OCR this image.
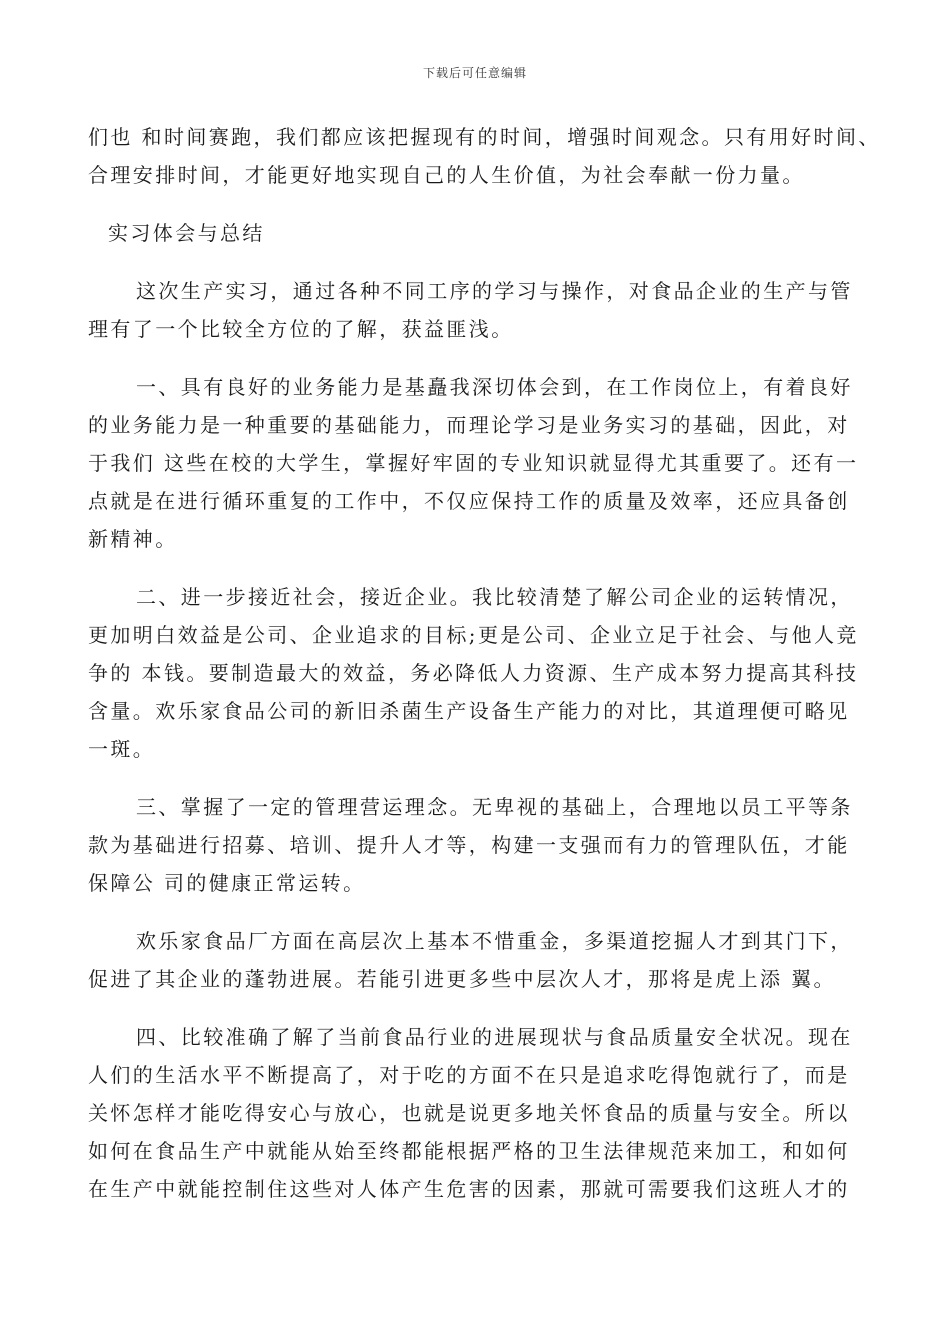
下载后可任意编辑
们也 和时间赛跑，我们都应该把握现有的时间，增强时间观念。只有用好时间、
合理安排时间，才能更好地实现自己的人生价值，为社会奉献一份力量。
实习体会与总结
这次生产实习，通过各种不同工序的学习与操作，对食品企业的生产与管
理有了一个比较全方位的了解，获益匪浅。
一、具有良好的业务能力是基矗我深切体会到，在工作岗位上，有着良好
的业务能力是一种重要的基础能力，而理论学习是业务实习的基础，因此，对
于我们 这些在校的大学生，掌握好牢固的专业知识就显得尤其重要了。还有一
点就是在进行循环重复的工作中，不仅应保持工作的质量及效率，还应具备创
新精神。
二、进一步接近社会，接近企业。我比较清楚了解公司企业的运转情况，
更加明白效益是公司、企业追求的目标;更是公司、企业立足于社会、与他人竞
争的 本钱。要制造最大的效益，务必降低人力资源、生产成本努力提高其科技
含量。欢乐家食品公司的新旧杀菌生产设备生产能力的对比，其道理便可略见
一斑。
三、掌握了一定的管理营运理念。无卑视的基础上，合理地以员工平等条
款为基础进行招募、培训、提升人才等，构建一支强而有力的管理队伍，才能
保障公 司的健康正常运转。
欢乐家食品厂方面在高层次上基本不惜重金，多渠道挖掘人才到其门下，
促进了其企业的蓬勃进展。若能引进更多些中层次人才，那将是虎上添 翼。
四、比较准确了解了当前食品行业的进展现状与食品质量安全状况。现在
人们的生活水平不断提高了，对于吃的方面不在只是追求吃得饱就行了，而是
关怀怎样才能吃得安心与放心，也就是说更多地关怀食品的质量与安全。所以
如何在食品生产中就能从始至终都能根据严格的卫生法律规范来加工，和如何
在生产中就能控制住这些对人体产生危害的因素，那就可需要我们这班人才的
